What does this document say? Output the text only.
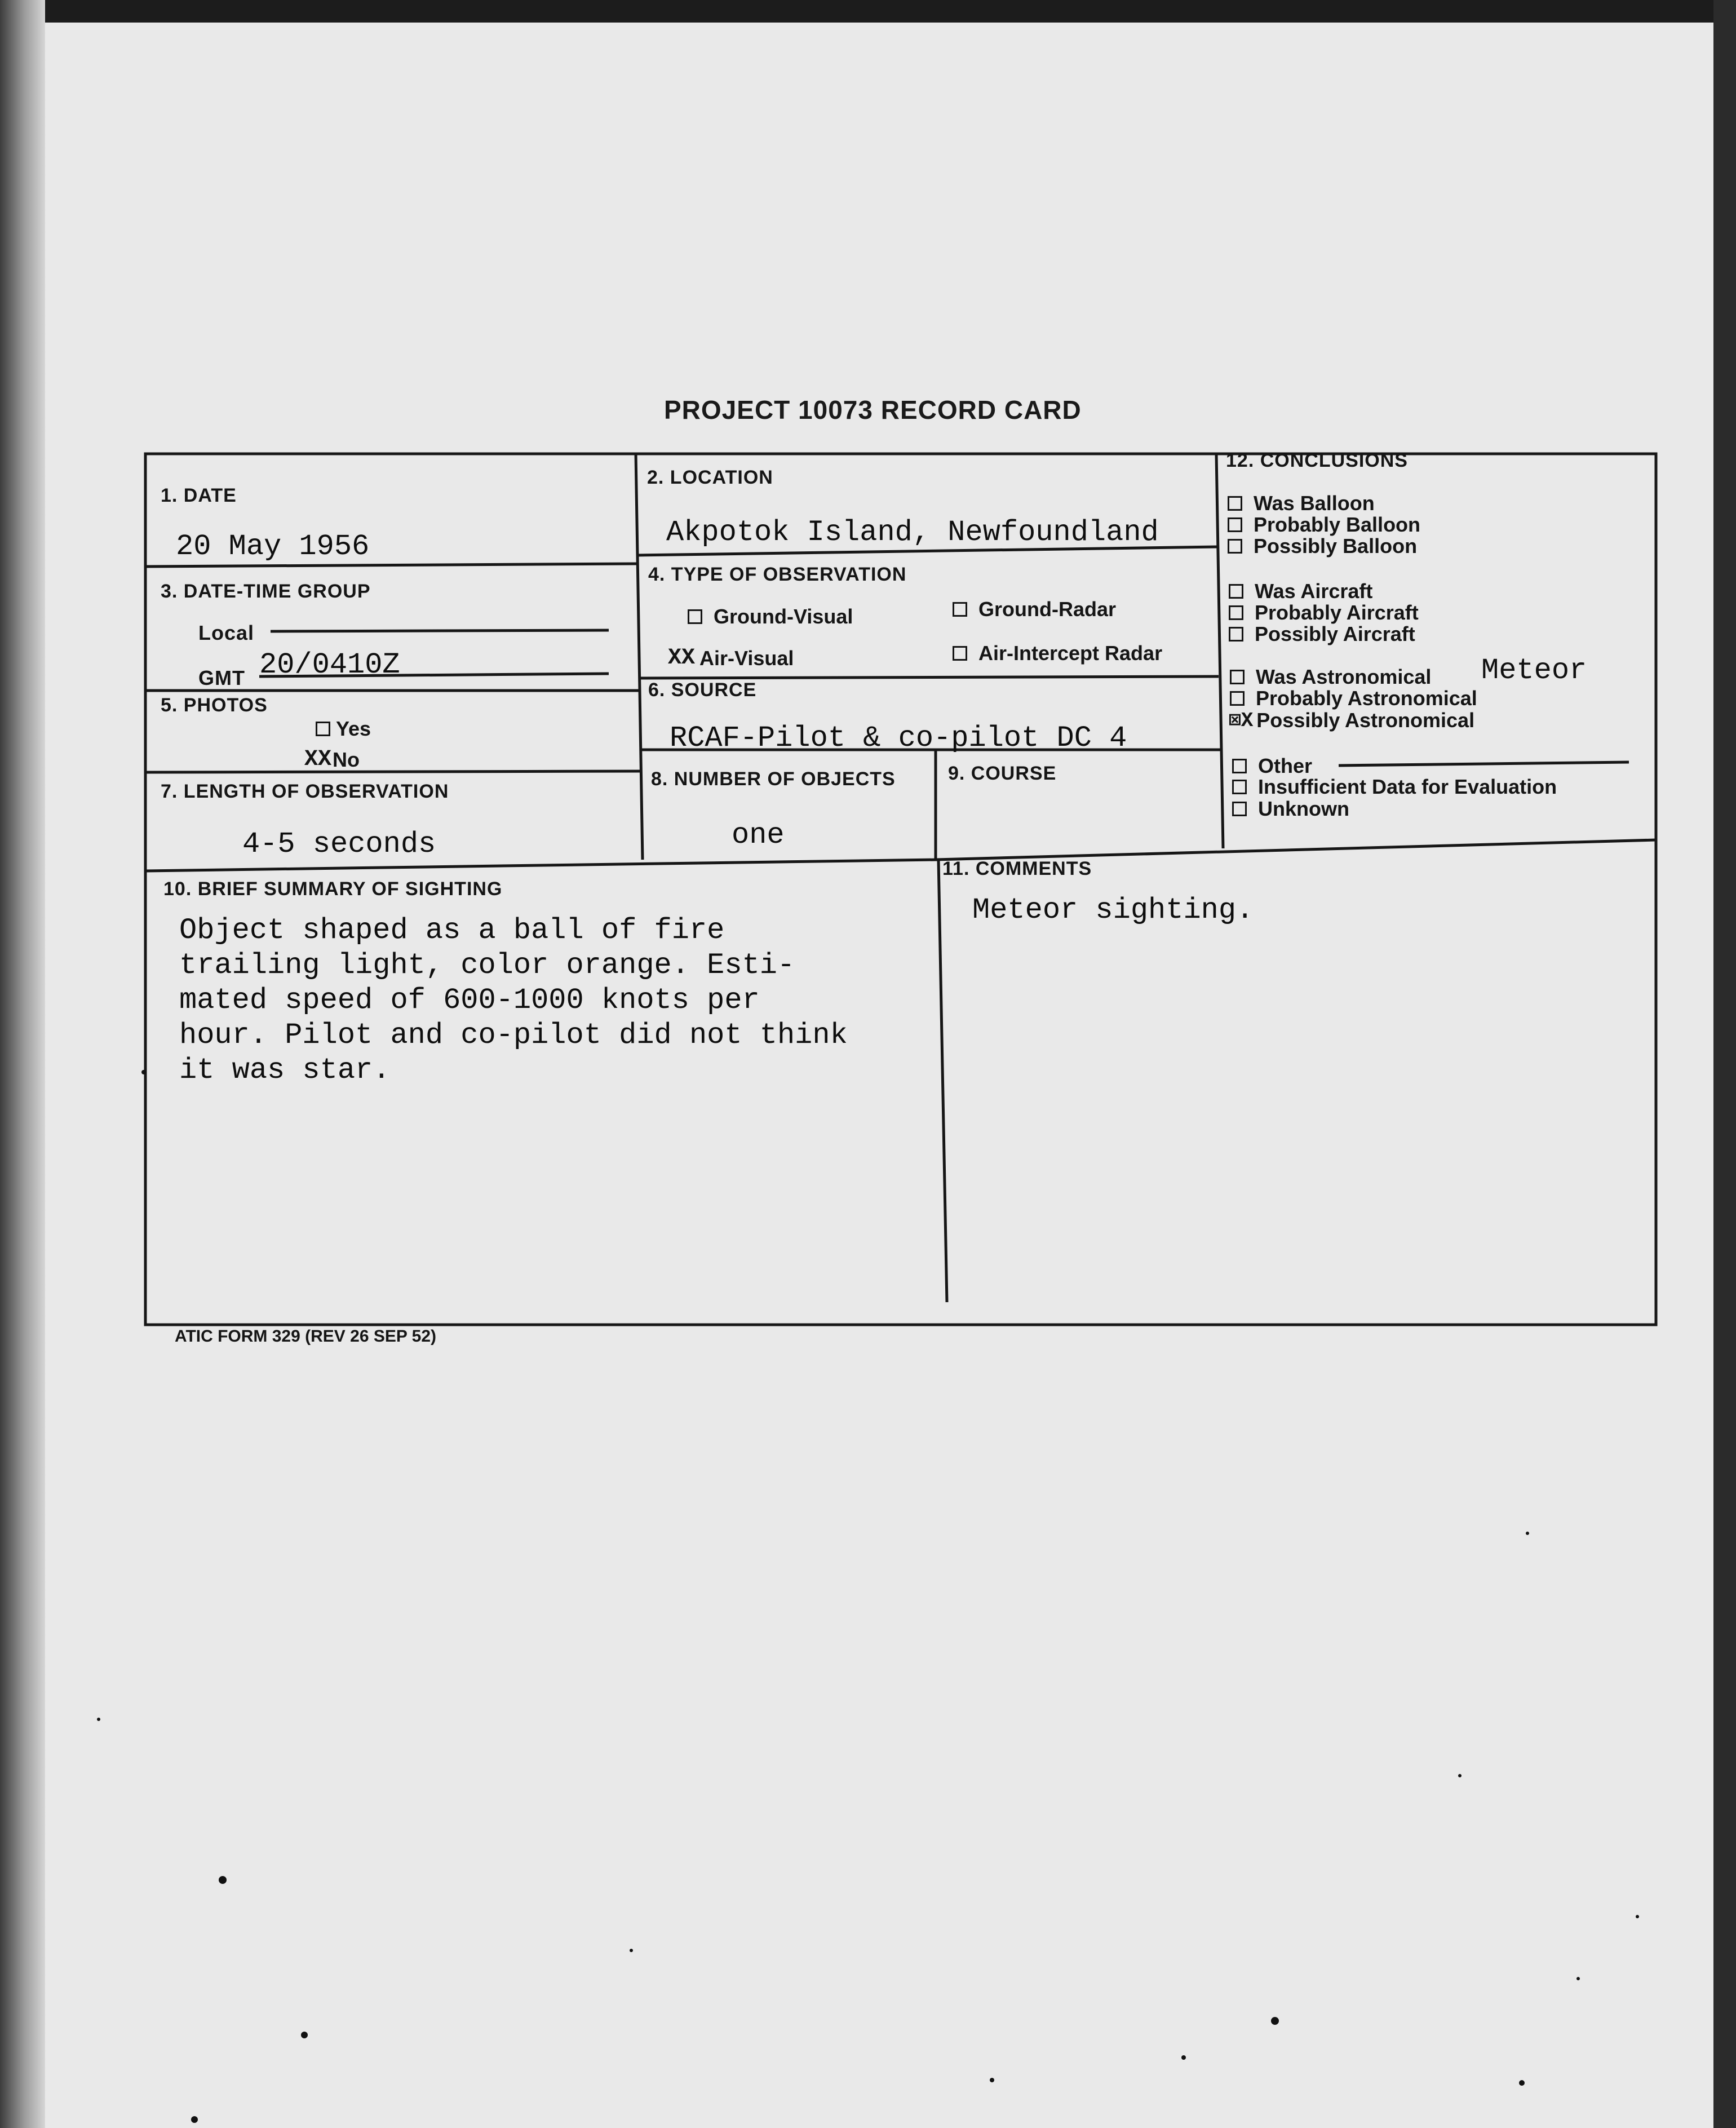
PROJECT 10073 RECORD CARD
1. DATE
20 May 1956
2. LOCATION
Akpotok Island, Newfoundland
3. DATE-TIME GROUP
Local
GMT 20/0410Z
4. TYPE OF OBSERVATION
Ground-Visual	Ground-Radar
XX Air-Visual	Air-Intercept Radar
5. PHOTOS
Yes
XX No
6. SOURCE
RCAF-Pilot & co-pilot DC 4
7. LENGTH OF OBSERVATION
4-5 seconds
8. NUMBER OF OBJECTS
one
9. COURSE
10. BRIEF SUMMARY OF SIGHTING
Object shaped as a ball of fire
trailing light, color orange. Esti-
mated speed of 600-1000 knots per
hour. Pilot and co-pilot did not think
it was star.
11. COMMENTS
Meteor sighting.
12. CONCLUSIONS
Was Balloon
Probably Balloon
Possibly Balloon
Was Aircraft
Probably Aircraft
Possibly Aircraft
Was Astronomical Meteor
Probably Astronomical
⊠X Possibly Astronomical
Other
Insufficient Data for Evaluation
Unknown
ATIC FORM 329 (REV 26 SEP 52)
